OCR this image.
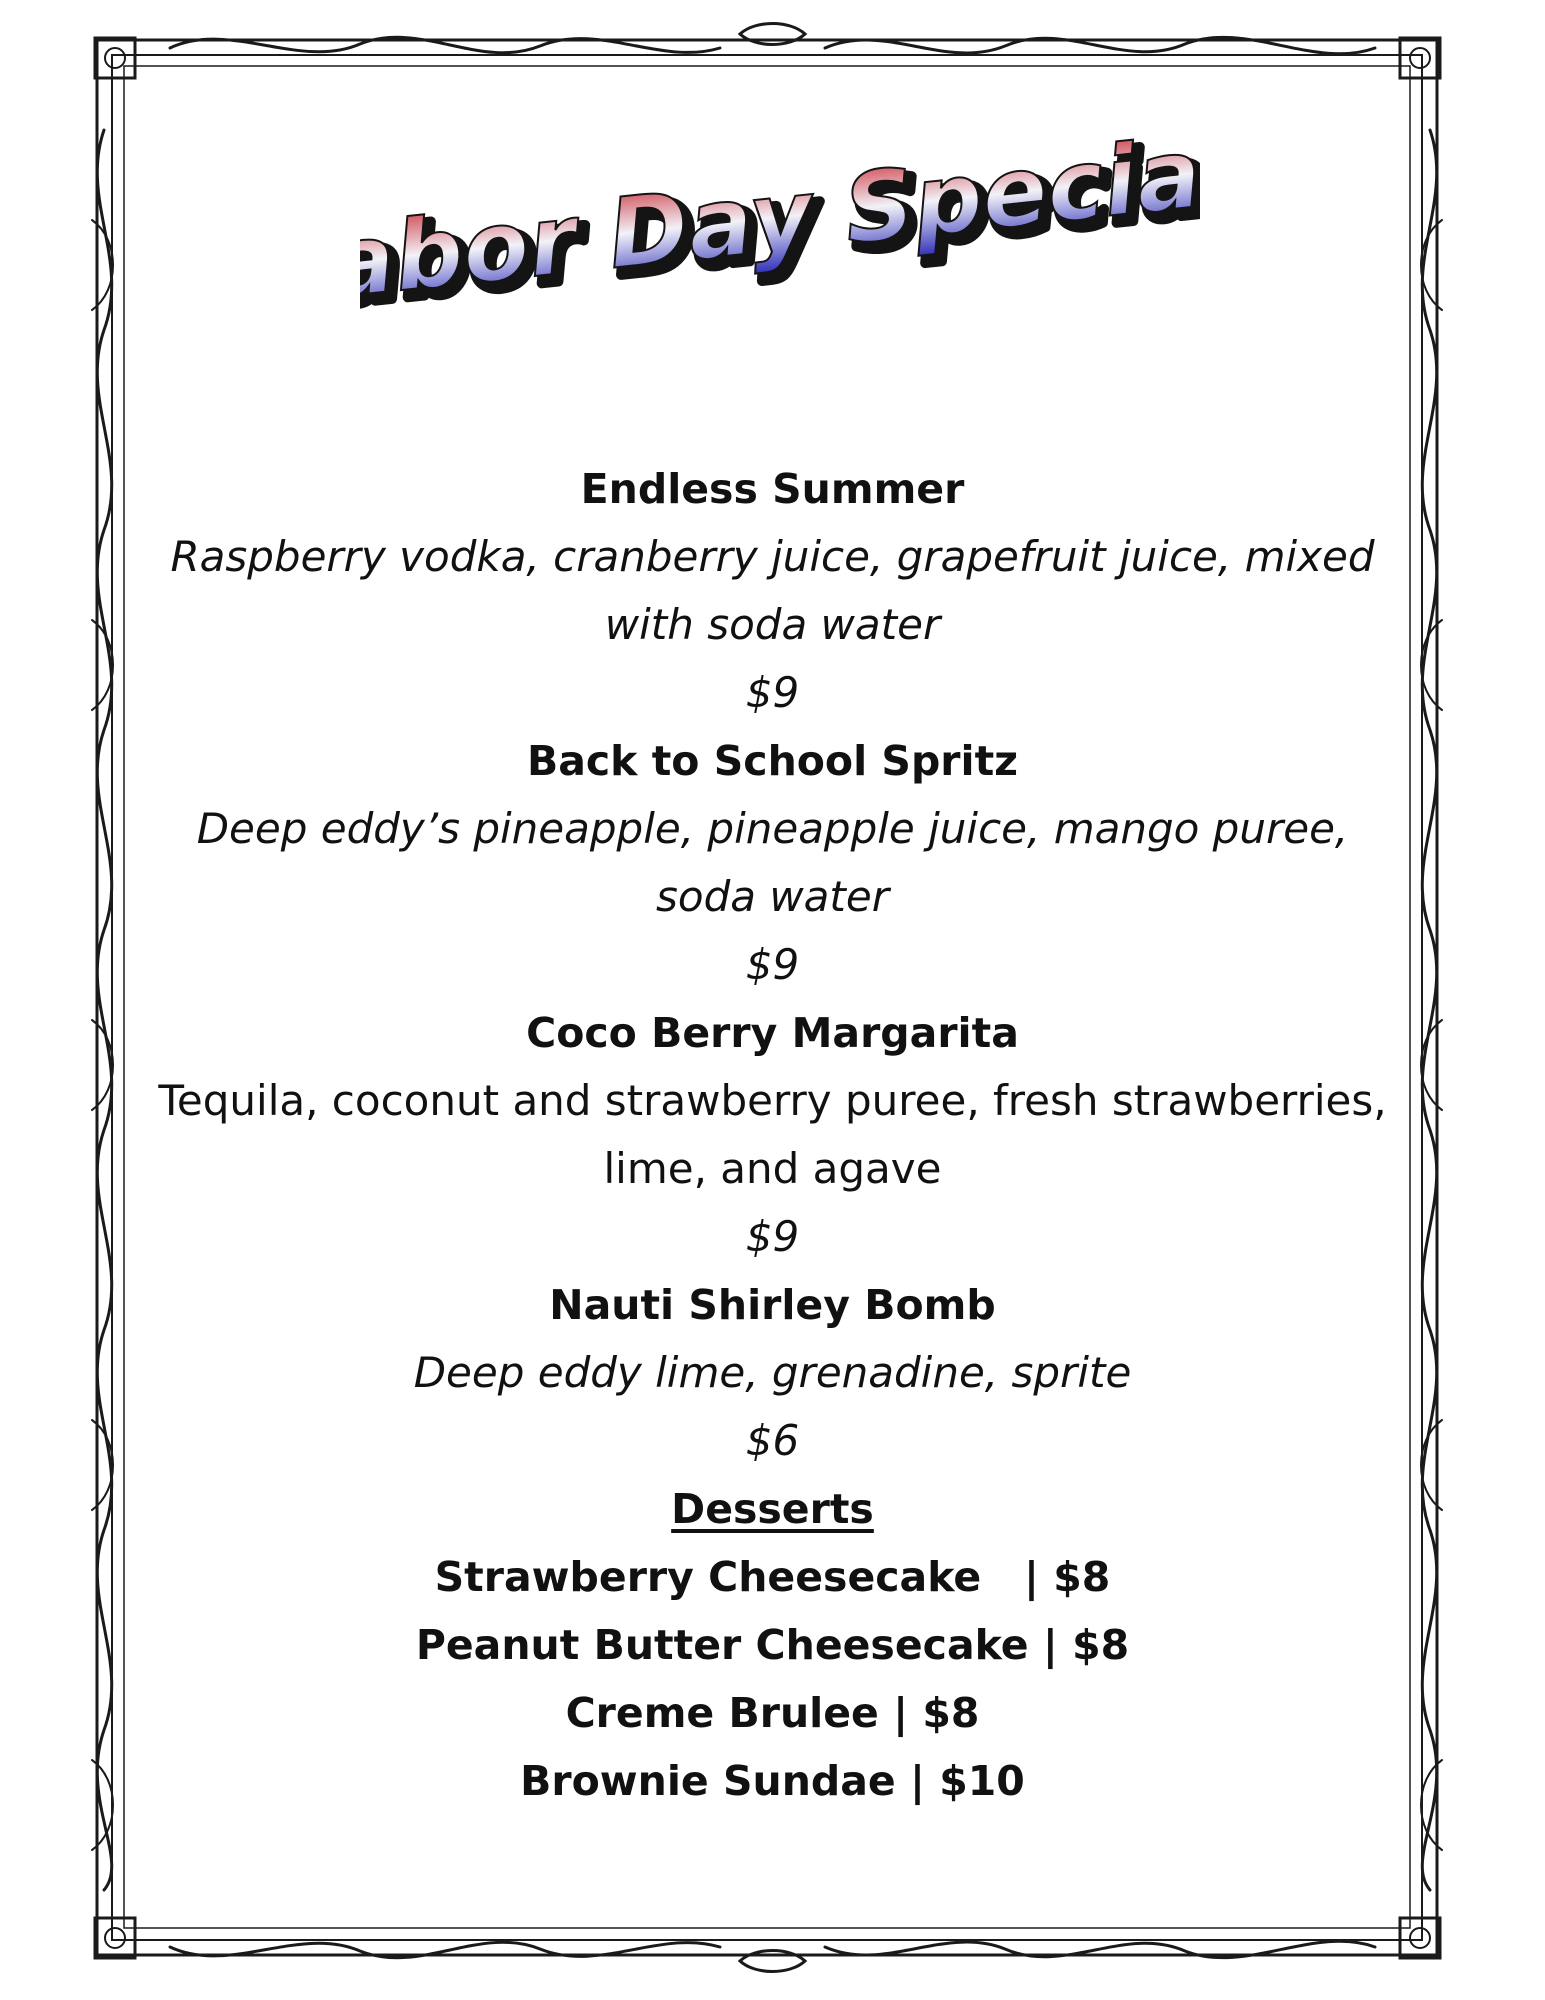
Labor Day Specials
Labor Day Specials
Endless Summer
Raspberry vodka, cranberry juice, grapefruit juice, mixed
with soda water
$9
Back to School Spritz
Deep eddy’s pineapple, pineapple juice, mango puree,
soda water
$9
Coco Berry Margarita
Tequila, coconut and strawberry puree, fresh strawberries,
lime, and agave
$9
Nauti Shirley Bomb
Deep eddy lime, grenadine, sprite
$6
Desserts
Strawberry Cheesecake   | $8
Peanut Butter Cheesecake | $8
Creme Brulee | $8
Brownie Sundae | $10
